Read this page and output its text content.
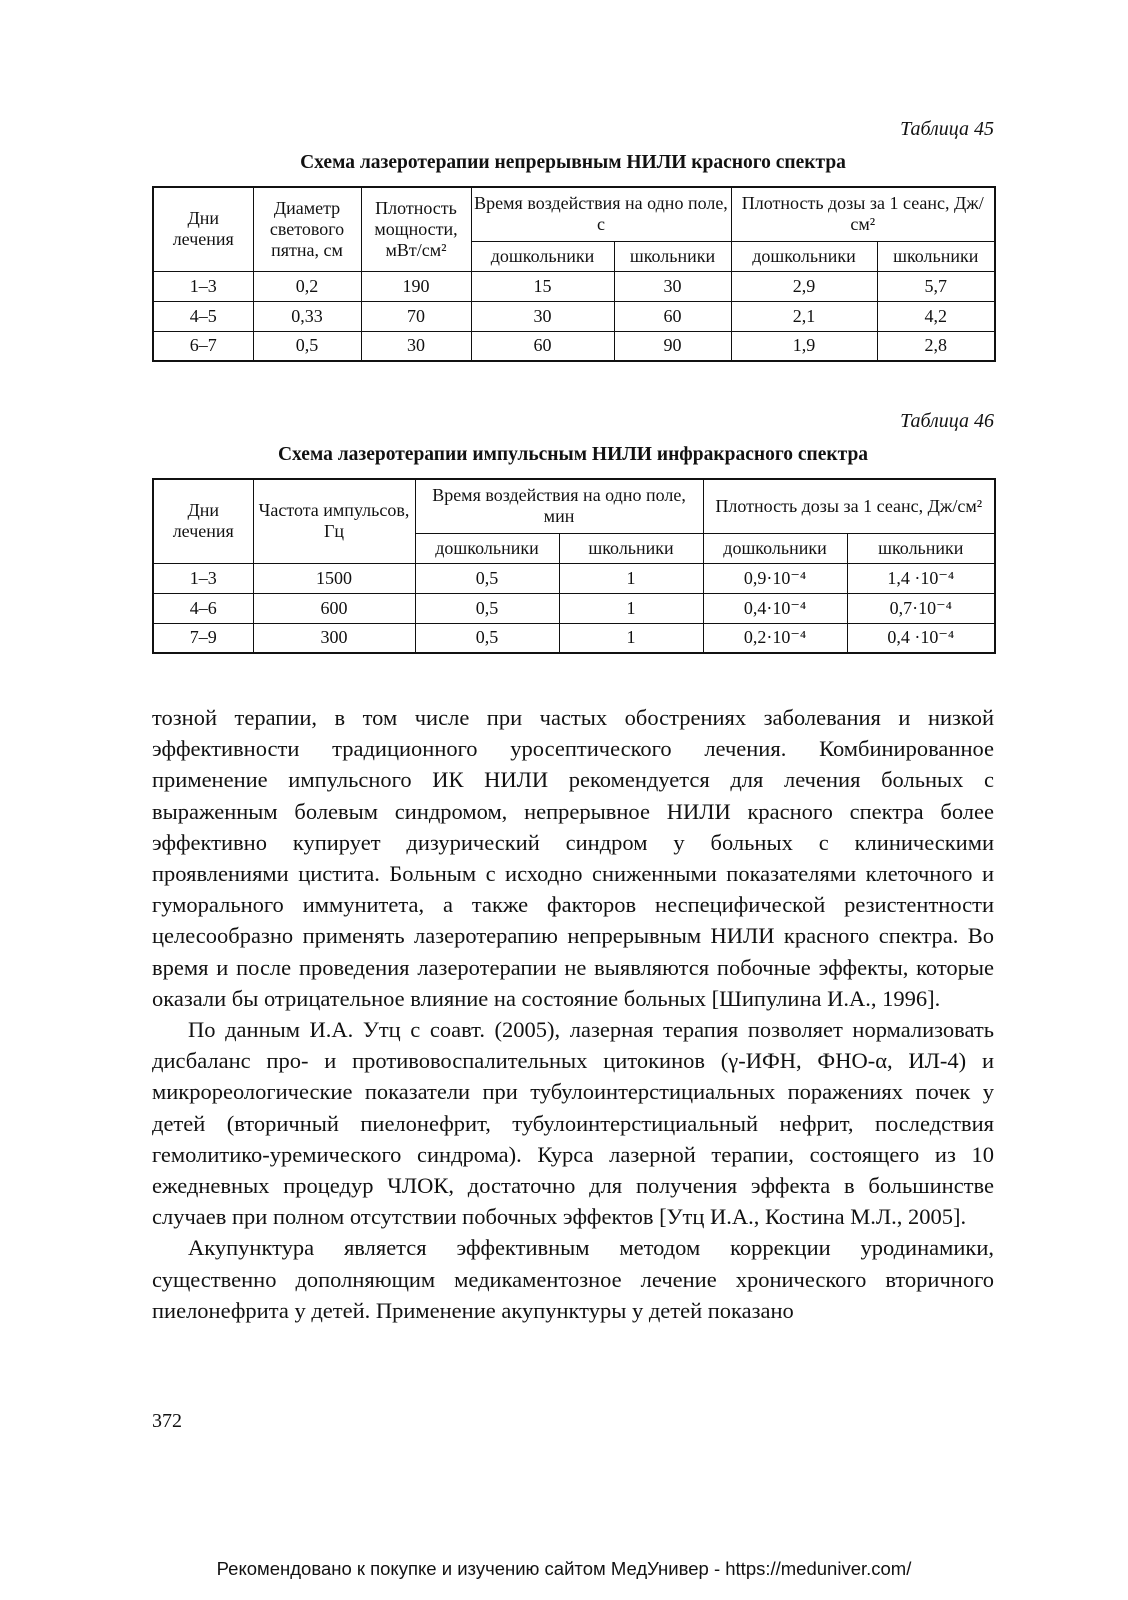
Таблица 45
Схема лазеротерапии непрерывным НИЛИ красного спектра
Дни лечения	Диаметр светового пятна, см	Плотность мощности, мВт/см²	Время воздействия на одно поле, с		Плотность дозы за 1 сеанс, Дж/см²	
			дошкольники	школьники	дошкольники	школьники
1–3	0,2	190	15	30	2,9	5,7
4–5	0,33	70	30	60	2,1	4,2
6–7	0,5	30	60	90	1,9	2,8
Таблица 46
Схема лазеротерапии импульсным НИЛИ инфракрасного спектра
Дни лечения	Частота импульсов, Гц	Время воздействия на одно поле, мин		Плотность дозы за 1 сеанс, Дж/см²	
		дошкольники	школьники	дошкольники	школьники
1–3	1500	0,5	1	0,9·10⁻⁴	1,4 ·10⁻⁴
4–6	600	0,5	1	0,4·10⁻⁴	0,7·10⁻⁴
7–9	300	0,5	1	0,2·10⁻⁴	0,4 ·10⁻⁴

тозной терапии, в том числе при частых обострениях заболевания и низкой эффективности традиционного уросептического лечения. Комбинированное применение импульсного ИК НИЛИ рекомендуется для лечения больных с выраженным болевым синдромом, непрерывное НИЛИ красного спектра более эффективно купирует дизурический синдром у больных с клиническими проявлениями цистита. Больным с исходно сниженными показателями клеточного и гуморального иммунитета, а также факторов неспецифической резистентности целесообразно применять лазеротерапию непрерывным НИЛИ красного спектра. Во время и после проведения лазеротерапии не выявляются побочные эффекты, которые оказали бы отрицательное влияние на состояние больных [Шипулина И.А., 1996].

По данным И.А. Утц с соавт. (2005), лазерная терапия позволяет нормализовать дисбаланс про- и противовоспалительных цитокинов (γ-ИФН, ФНО-α, ИЛ-4) и микрореологические показатели при тубулоинтерстициальных поражениях почек у детей (вторичный пиелонефрит, тубулоинтерстициальный нефрит, последствия гемолитико-уремического синдрома). Курса лазерной терапии, состоящего из 10 ежедневных процедур ЧЛОК, достаточно для получения эффекта в большинстве случаев при полном отсутствии побочных эффектов [Утц И.А., Костина М.Л., 2005].

Акупунктура является эффективным методом коррекции уродинамики, существенно дополняющим медикаментозное лечение хронического вторичного пиелонефрита у детей. Применение акупунктуры у детей показано

372
Рекомендовано к покупке и изучению сайтом МедУнивер - https://meduniver.com/
